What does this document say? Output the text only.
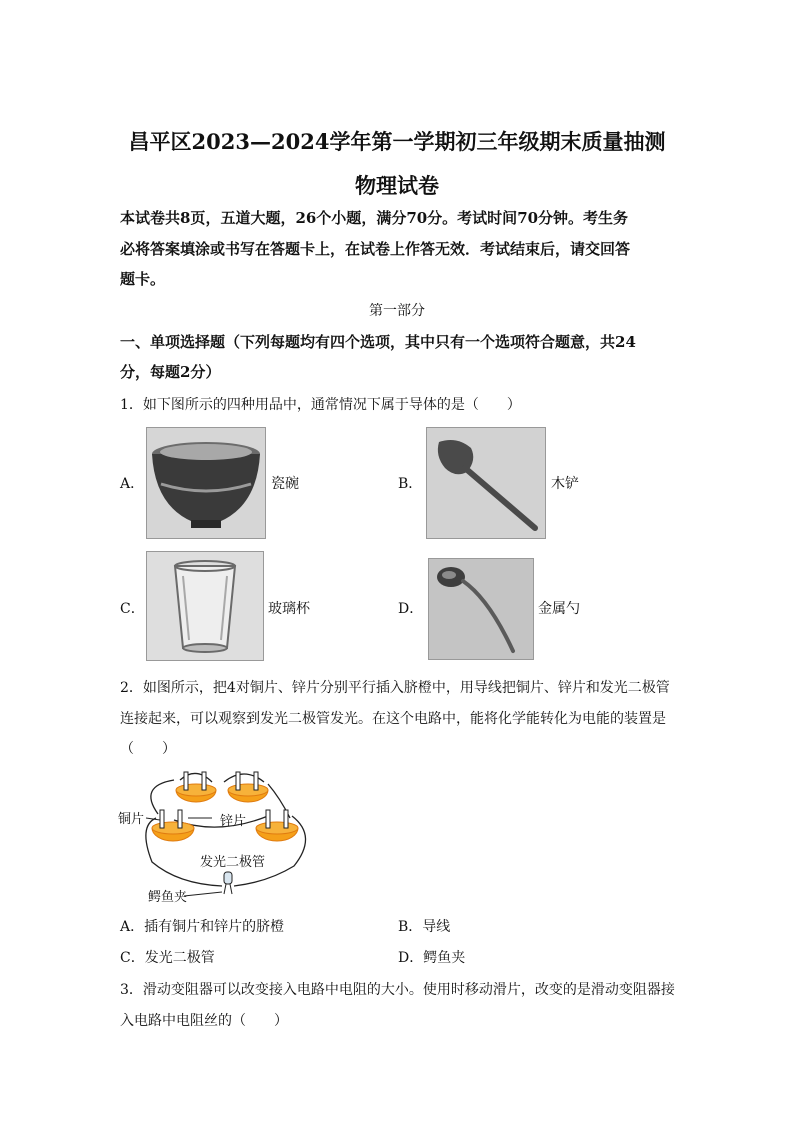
昌平区2023—2024学年第一学期初三年级期末质量抽测
物理试卷
本试卷共8页，五道大题，26个小题，满分70分。考试时间70分钟。考生务
必将答案填涂或书写在答题卡上，在试卷上作答无效．考试结束后，请交回答
题卡。
第一部分
一、单项选择题（下列每题均有四个选项，其中只有一个选项符合题意，共24
分，每题2分）
1．如下图所示的四种用品中，通常情况下属于导体的是（　　）
A．	瓷碗	B．	木铲
C．	玻璃杯	D．	金属勺
2．如图所示，把4对铜片、锌片分别平行插入脐橙中，用导线把铜片、锌片和发光二极管
连接起来，可以观察到发光二极管发光。在这个电路中，能将化学能转化为电能的装置是
（　　）
铜片	锌片
发光二极管
鳄鱼夹
A．插有铜片和锌片的脐橙	B．导线
C．发光二极管	D．鳄鱼夹
3．滑动变阻器可以改变接入电路中电阻的大小。使用时移动滑片，改变的是滑动变阻器接
入电路中电阻丝的（　　）
